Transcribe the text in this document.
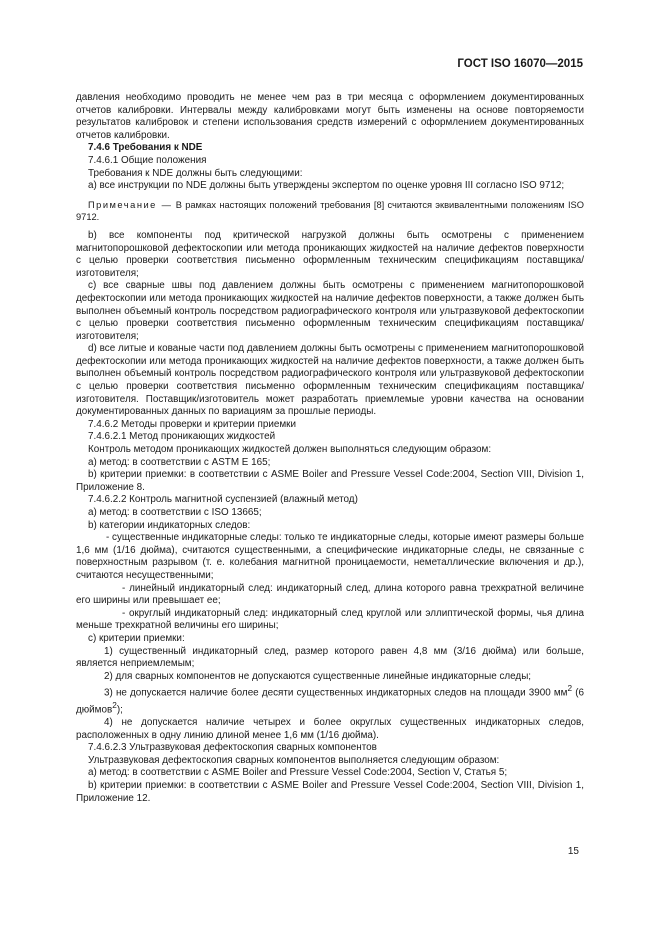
ГОСТ ISO 16070—2015

давления необходимо проводить не менее чем раз в три месяца с оформлением документированных отчетов калибровки. Интервалы между калибровками могут быть изменены на основе повторяемости результатов калибровок и степени использования средств измерений с оформлением документированных отчетов калибровки.

7.4.6 Требования к NDE

7.4.6.1 Общие положения

Требования к NDE должны быть следующими:

а) все инструкции по NDE должны быть утверждены экспертом по оценке уровня III согласно ISO 9712;

Примечание — В рамках настоящих положений требования [8] считаются эквивалентными положениям ISO 9712.

b) все компоненты под критической нагрузкой должны быть осмотрены с применением магнитопорошковой дефектоскопии или метода проникающих жидкостей на наличие дефектов поверхности с целью проверки соответствия письменно оформленным техническим спецификациям поставщика/изготовителя;

с) все сварные швы под давлением должны быть осмотрены с применением магнитопорошковой дефектоскопии или метода проникающих жидкостей на наличие дефектов поверхности, а также должен быть выполнен объемный контроль посредством радиографического контроля или ультразвуковой дефектоскопии с целью проверки соответствия письменно оформленным техническим спецификациям поставщика/изготовителя;

d) все литые и кованые части под давлением должны быть осмотрены с применением магнитопорошковой дефектоскопии или метода проникающих жидкостей на наличие дефектов поверхности, а также должен быть выполнен объемный контроль посредством радиографического контроля или ультразвуковой дефектоскопии с целью проверки соответствия письменно оформленным техническим спецификациям поставщика/изготовителя. Поставщик/изготовитель может разработать приемлемые уровни качества на основании документированных данных по вариациям за прошлые периоды.

7.4.6.2 Методы проверки и критерии приемки

7.4.6.2.1 Метод проникающих жидкостей

Контроль методом проникающих жидкостей должен выполняться следующим образом:

а) метод: в соответствии с ASTM E 165;

b) критерии приемки: в соответствии с ASME Boiler and Pressure Vessel Code:2004, Section VIII, Division 1, Приложение 8.

7.4.6.2.2 Контроль магнитной суспензией (влажный метод)

а) метод: в соответствии с ISO 13665;

b) категории индикаторных следов:

- существенные индикаторные следы: только те индикаторные следы, которые имеют размеры больше 1,6 мм (1/16 дюйма), считаются существенными, а специфические индикаторные следы, не связанные с поверхностным разрывом (т. е. колебания магнитной проницаемости, неметаллические включения и др.), считаются несущественными;

- линейный индикаторный след: индикаторный след, длина которого равна трехкратной величине его ширины или превышает ее;

- округлый индикаторный след: индикаторный след круглой или эллиптической формы, чья длина меньше трехкратной величины его ширины;

с) критерии приемки:

1) существенный индикаторный след, размер которого равен 4,8 мм (3/16 дюйма) или больше, является неприемлемым;

2) для сварных компонентов не допускаются существенные линейные индикаторные следы;

3) не допускается наличие более десяти существенных индикаторных следов на площади 3900 $мм^2$ (6 дюймов$^2$);

4) не допускается наличие четырех и более округлых существенных индикаторных следов, расположенных в одну линию длиной менее 1,6 мм (1/16 дюйма).

7.4.6.2.3 Ультразвуковая дефектоскопия сварных компонентов

Ультразвуковая дефектоскопия сварных компонентов выполняется следующим образом:

а) метод: в соответствии с ASME Boiler and Pressure Vessel Code:2004, Section V, Статья 5;

b) критерии приемки: в соответствии с ASME Boiler and Pressure Vessel Code:2004, Section VIII, Division 1, Приложение 12.

15
